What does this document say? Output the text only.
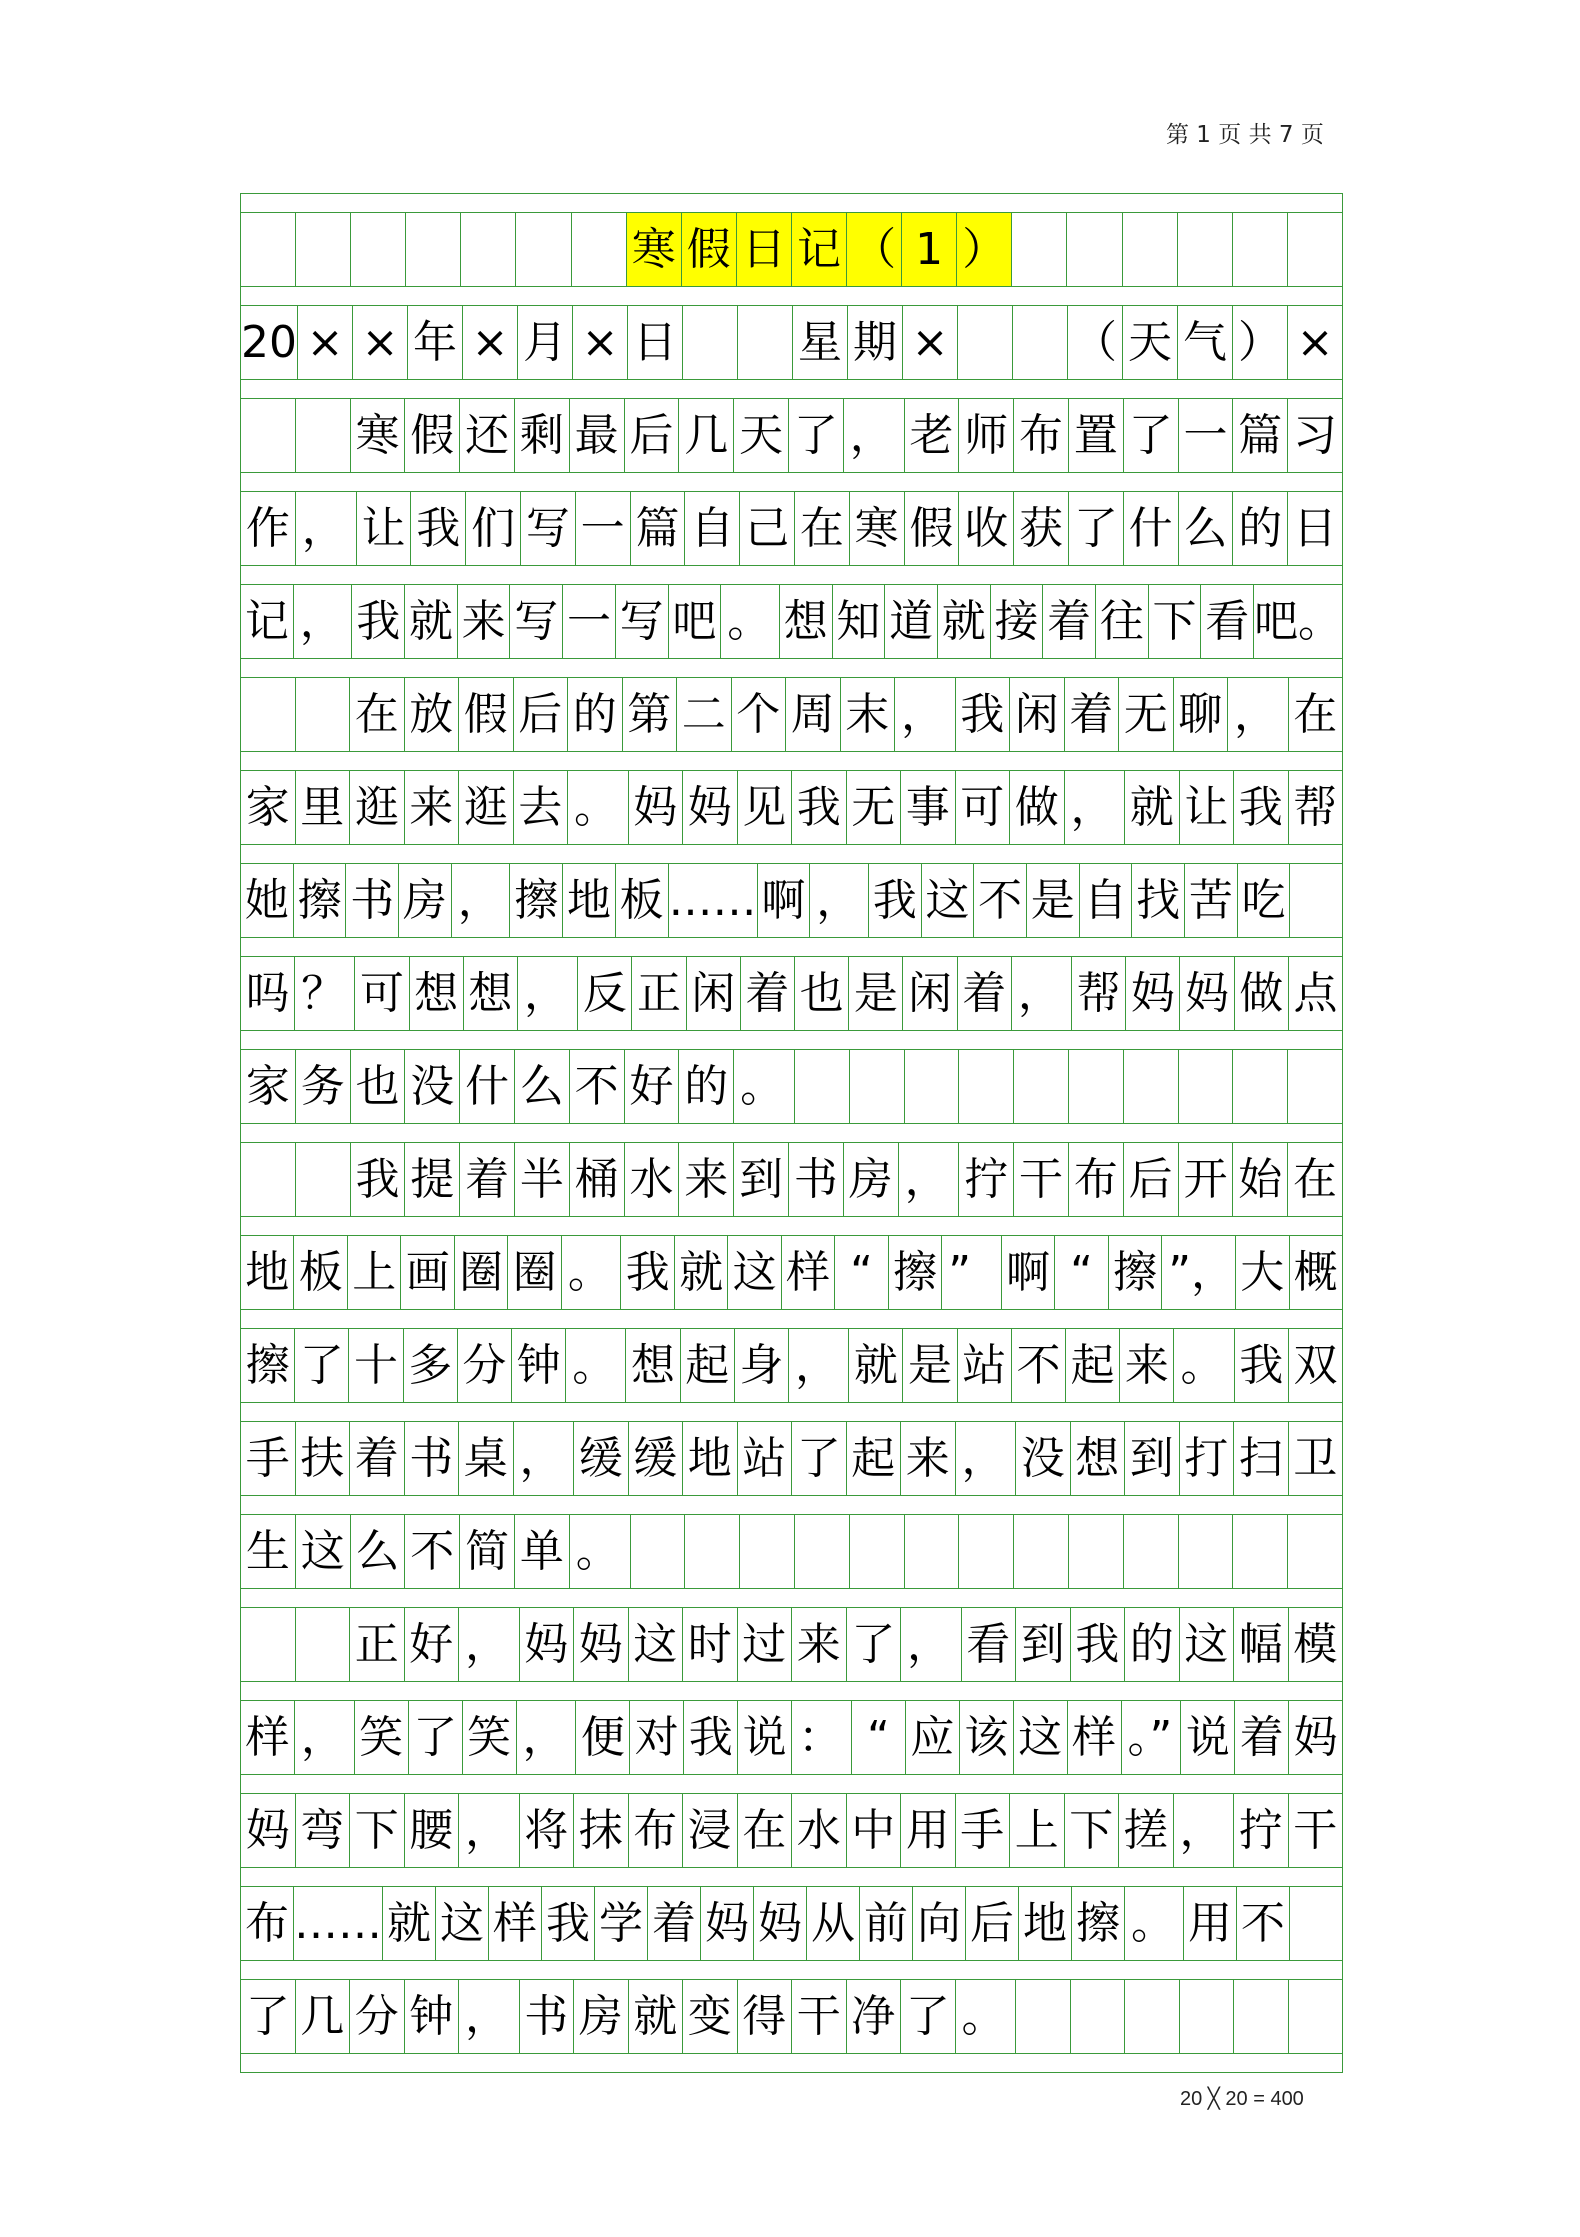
第 1 页 共 7 页
寒 假 日 记 （ 1 ）
20 × × 年 × 月 × 日	星 期 ×	（ 天 气 ） ×
寒 假 还 剩 最 后 几 天 了 ， 老 师 布 置 了 一 篇 习
作 ， 让 我 们 写 一 篇 自 己 在 寒 假 收 获 了 什 么 的 日
记 ， 我 就 来 写 一 写 吧 。 想 知 道 就 接 着 往 下 看 吧。
在 放 假 后 的 第 二 个 周 末 ， 我 闲 着 无 聊 ， 在
家 里 逛 来 逛 去 。 妈 妈 见 我 无 事 可 做 ， 就 让 我 帮
她 擦 书 房 ， 擦 地 板 …… 啊 ， 我 这 不 是 自 找 苦 吃
吗 ？ 可 想 想 ， 反 正 闲 着 也 是 闲 着 ， 帮 妈 妈 做 点
家 务 也 没 什 么 不 好 的 。
我 提 着 半 桶 水 来 到 书 房 ， 拧 干 布 后 开 始 在
地 板 上 画 圈 圈 。 我 就 这 样 “ 擦 ” 啊 “ 擦 ”， 大 概
擦 了 十 多 分 钟 。 想 起 身 ， 就 是 站 不 起 来 。 我 双
手 扶 着 书 桌 ， 缓 缓 地 站 了 起 来 ， 没 想 到 打 扫 卫
生 这 么 不 简 单 。
正 好 ， 妈 妈 这 时 过 来 了 ， 看 到 我 的 这 幅 模
样 ， 笑 了 笑 ， 便 对 我 说 ： “ 应 该 这 样 。” 说 着 妈
妈 弯 下 腰 ， 将 抹 布 浸 在 水 中 用 手 上 下 搓 ， 拧 干
布 …… 就 这 样 我 学 着 妈 妈 从 前 向 后 地 擦 。 用 不
了 几 分 钟 ， 书 房 就 变 得 干 净 了 。
20 ╳ 20 = 400
